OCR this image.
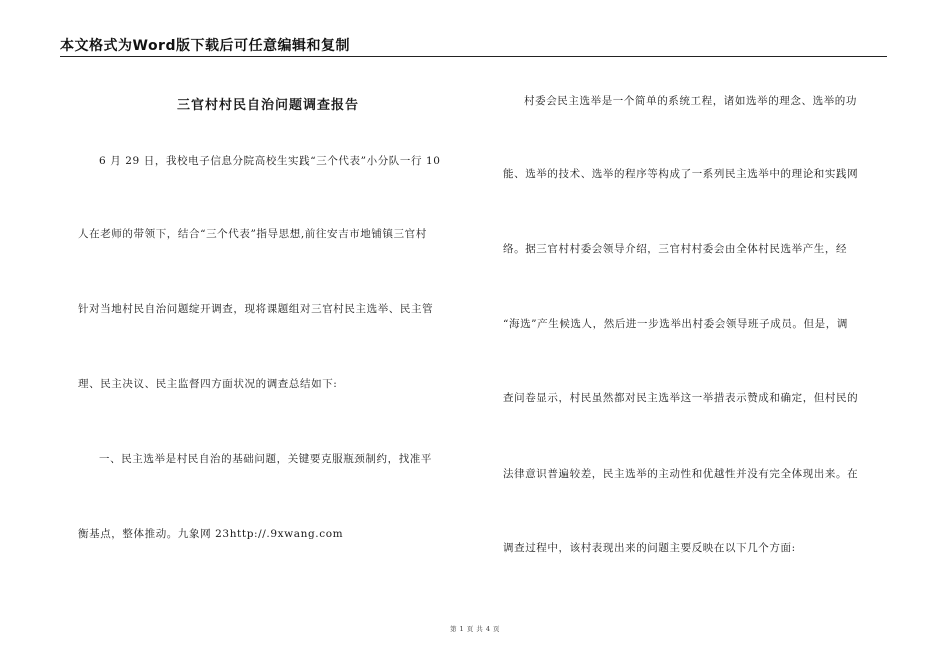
本文格式为Word版下载后可任意编辑和复制
三官村村民自治问题调查报告
6 月 29 日，我校电子信息分院高校生实践“三个代表”小分队一行 10
人在老师的带领下，结合“三个代表”指导思想,前往安吉市地铺镇三官村
针对当地村民自治问题绽开调查，现将课题组对三官村民主选举、民主管
理、民主决议、民主监督四方面状况的调查总结如下:
一、民主选举是村民自治的基础问题，关键要克服瓶颈制约，找准平
衡基点，整体推动。九象网 23http://.9xwang.com
村委会民主选举是一个简单的系统工程，诸如选举的理念、选举的功
能、选举的技术、选举的程序等构成了一系列民主选举中的理论和实践网
络。据三官村村委会领导介绍，三官村村委会由全体村民选举产生，经
“海选”产生候选人，然后进一步选举出村委会领导班子成员。但是，调
查问卷显示，村民虽然都对民主选举这一举措表示赞成和确定，但村民的
法律意识普遍较差，民主选举的主动性和优越性并没有完全体现出来。在
调查过程中，该村表现出来的问题主要反映在以下几个方面:
第 1 页 共 4 页
